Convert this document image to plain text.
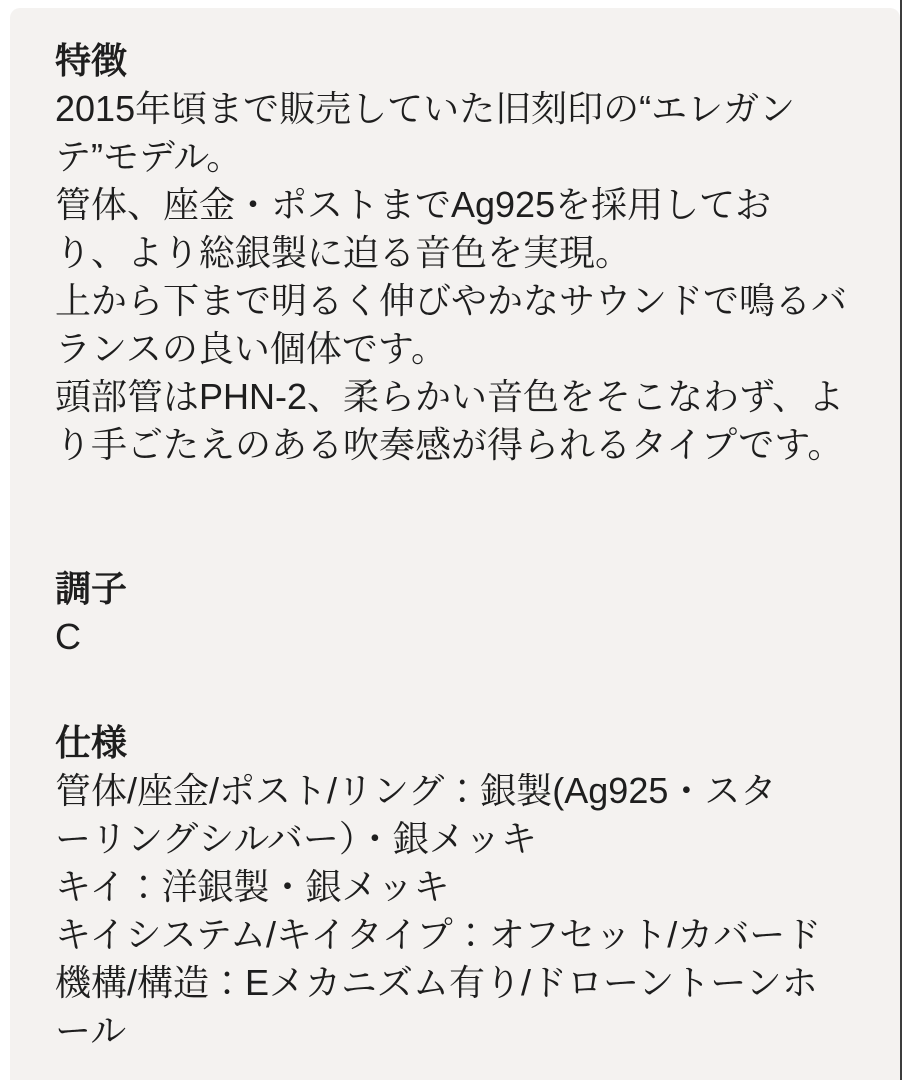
特徴
2015年頃まで販売していた旧刻印の“エレガン
テ”モデル。
管体、座金・ポストまでAg925を採用してお
り、より総銀製に迫る音色を実現。
上から下まで明るく伸びやかなサウンドで鳴るバ
ランスの良い個体です。
頭部管はPHN-2、柔らかい音色をそこなわず、よ
り手ごたえのある吹奏感が得られるタイプです。
調子
C
仕様
管体/座金/ポスト/リング：銀製(Ag925・スタ
ーリングシルバー）・銀メッキ
キイ：洋銀製・銀メッキ
キイシステム/キイタイプ：オフセット/カバード
機構/構造：Eメカニズム有り/ドローントーンホ
ール
